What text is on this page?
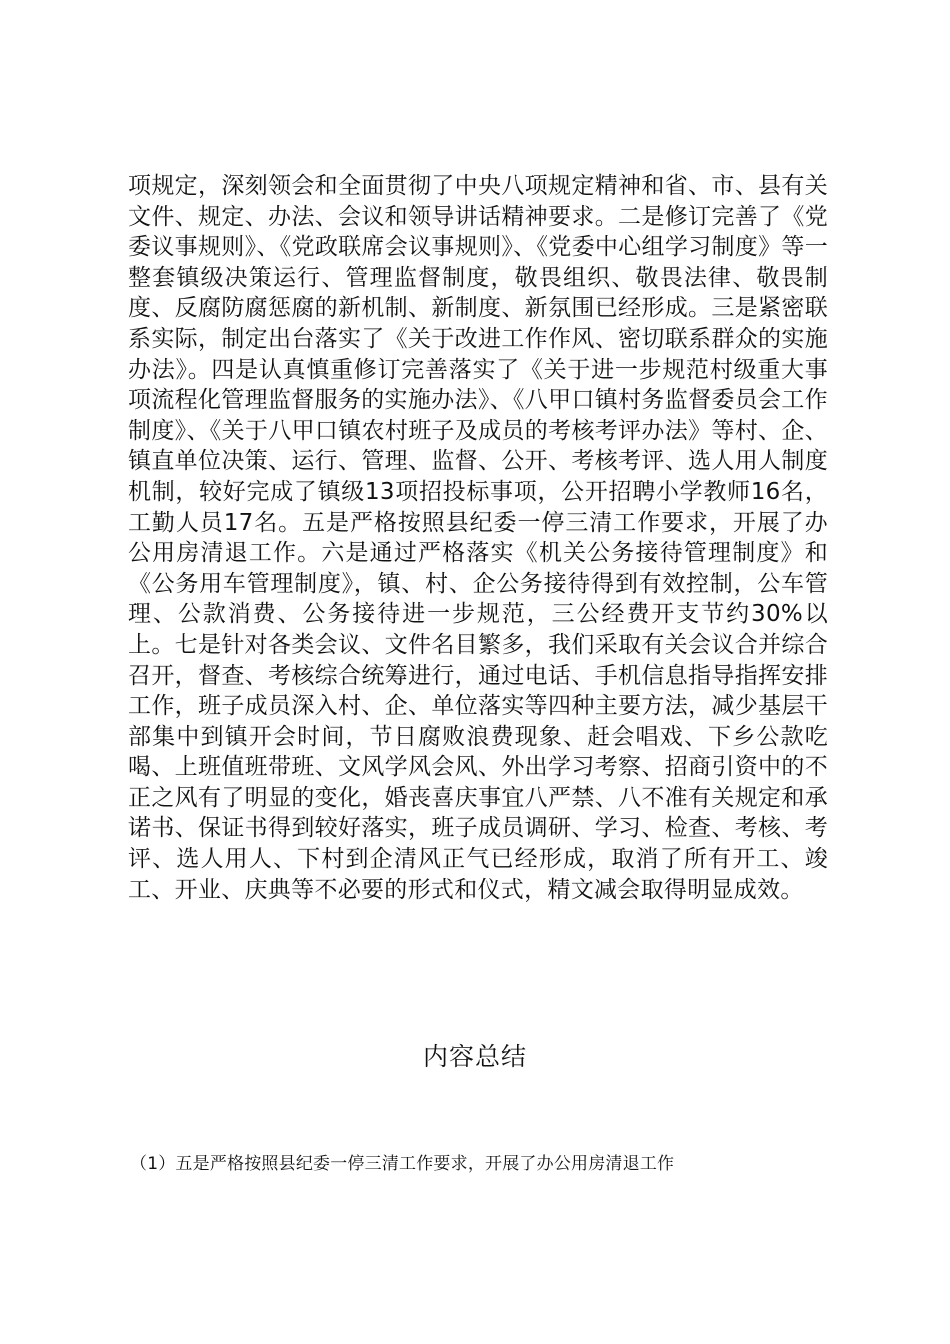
项规定，深刻领会和全面贯彻了中央八项规定精神和省、市、县有关文件、规定、办法、会议和领导讲话精神要求。二是修订完善了《党委议事规则》、《党政联席会议事规则》、《党委中心组学习制度》等一整套镇级决策运行、管理监督制度，敬畏组织、敬畏法律、敬畏制度、反腐防腐惩腐的新机制、新制度、新氛围已经形成。三是紧密联系实际，制定出台落实了《关于改进工作作风、密切联系群众的实施办法》。四是认真慎重修订完善落实了《关于进一步规范村级重大事项流程化管理监督服务的实施办法》、《八甲口镇村务监督委员会工作制度》、《关于八甲口镇农村班子及成员的考核考评办法》等村、企、镇直单位决策、运行、管理、监督、公开、考核考评、选人用人制度机制，较好完成了镇级13项招投标事项，公开招聘小学教师16名，工勤人员17名。五是严格按照县纪委一停三清工作要求，开展了办公用房清退工作。六是通过严格落实《机关公务接待管理制度》和《公务用车管理制度》，镇、村、企公务接待得到有效控制，公车管理、公款消费、公务接待进一步规范，三公经费开支节约30%以上。七是针对各类会议、文件名目繁多，我们采取有关会议合并综合召开，督查、考核综合统筹进行，通过电话、手机信息指导指挥安排工作，班子成员深入村、企、单位落实等四种主要方法，减少基层干部集中到镇开会时间，节日腐败浪费现象、赶会唱戏、下乡公款吃喝、上班值班带班、文风学风会风、外出学习考察、招商引资中的不正之风有了明显的变化，婚丧喜庆事宜八严禁、八不准有关规定和承诺书、保证书得到较好落实，班子成员调研、学习、检查、考核、考评、选人用人、下村到企清风正气已经形成，取消了所有开工、竣工、开业、庆典等不必要的形式和仪式，精文减会取得明显成效。

内容总结

（1）五是严格按照县纪委一停三清工作要求，开展了办公用房清退工作
